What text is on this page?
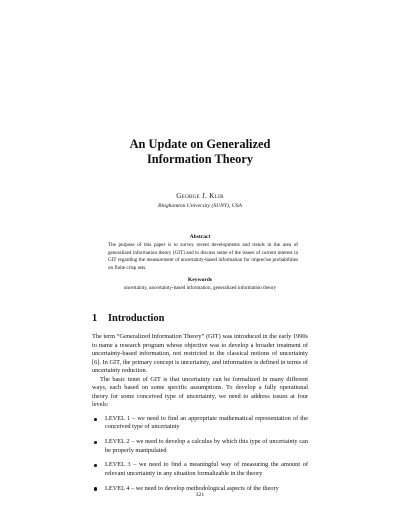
An Update on Generalized
Information Theory
George J. Klir
Binghamton University (SUNY), USA
Abstract
The purpose of this paper is to survey recent developments and trends in the area of generalized information theory (GIT) and to discuss some of the issues of current interest in GIT regarding the measurement of uncertainty-based information for imprecise probabilities on finite crisp sets.
Keywords
uncertainty, uncertainty-based information, generalized information theory
1 Introduction

The term “Generalized Information Theory” (GIT) was introduced in the early 1990s to name a research program whose objective was to develop a broader treatment of uncertainty-based information, not restricted to the classical notions of uncertainty [6]. In GIT, the primary concept is uncertainty, and information is defined in terms of uncertainty reduction.

The basic tenet of GIT is that uncertainty can be formalized in many different ways, each based on some specific assumptions. To develop a fully operational theory for some conceived type of uncertainty, we need to address issues at four levels:

LEVEL 1 – we need to find an appropriate mathematical representation of the conceived type of uncertainty
LEVEL 2 – we need to develop a calculus by which this type of uncertainty can be properly manipulated
LEVEL 3 – we need to find a meaningful way of measuring the amount of relevant uncertainty in any situation formalizable in the theory
LEVEL 4 – we need to develop methodological aspects of the theory
321
